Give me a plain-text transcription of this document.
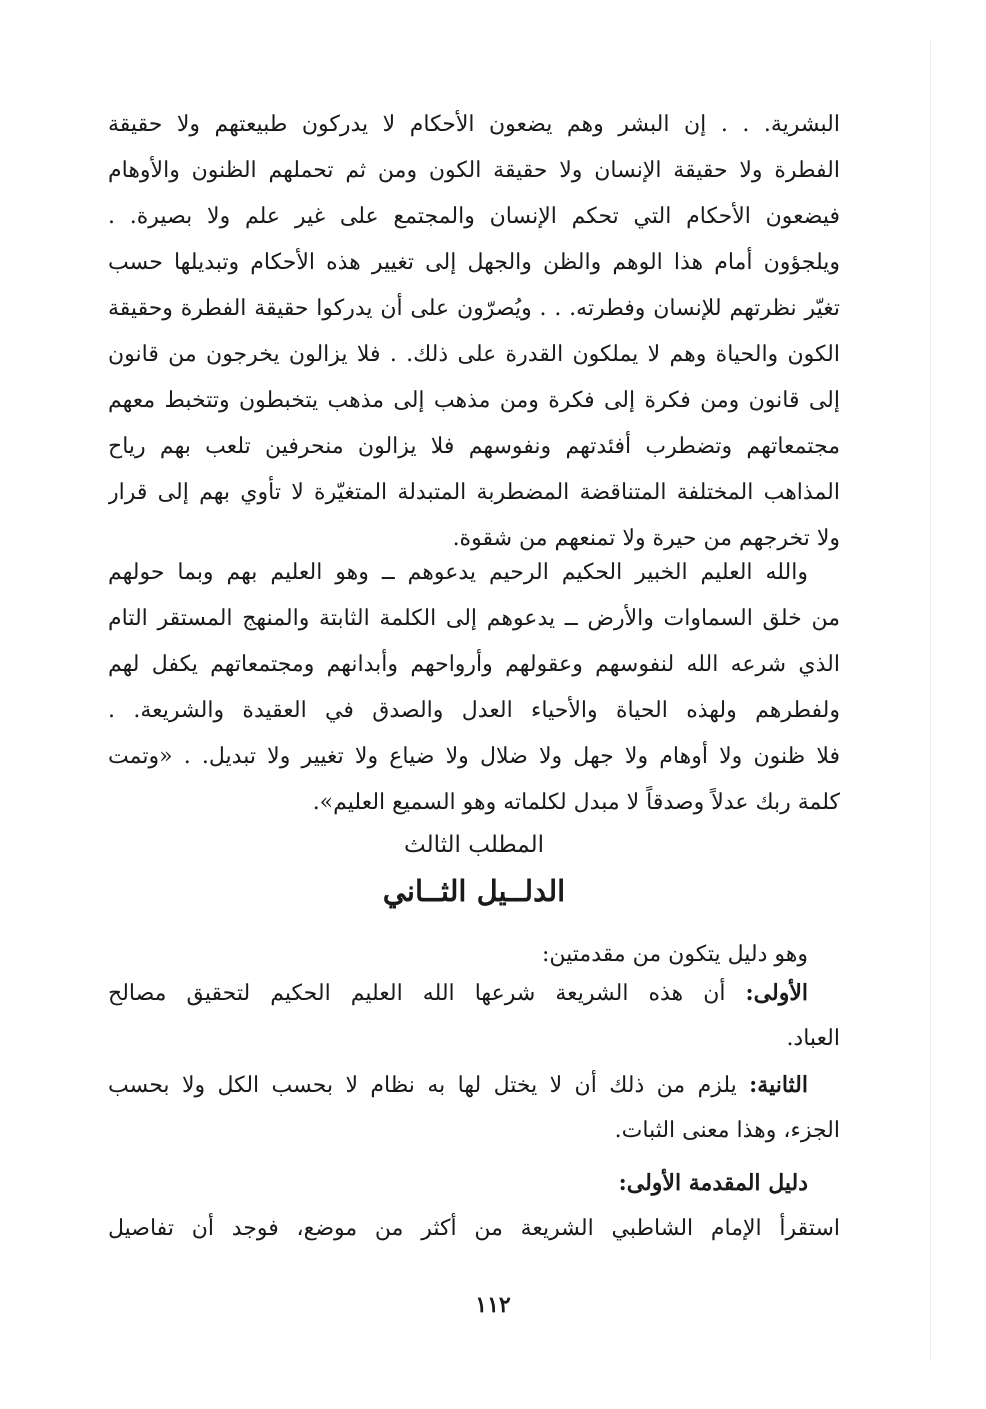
البشرية. . . إن البشر وهم يضعون الأحكام لا يدركون طبيعتهم ولا حقيقة
الفطرة ولا حقيقة الإنسان ولا حقيقة الكون ومن ثم تحملهم الظنون والأوهام
فيضعون الأحكام التي تحكم الإنسان والمجتمع على غير علم ولا بصيرة. .
ويلجؤون أمام هذا الوهم والظن والجهل إلى تغيير هذه الأحكام وتبديلها حسب
تغيّر نظرتهم للإنسان وفطرته. . . ويُصرّون على أن يدركوا حقيقة الفطرة وحقيقة
الكون والحياة وهم لا يملكون القدرة على ذلك. . فلا يزالون يخرجون من قانون
إلى قانون ومن فكرة إلى فكرة ومن مذهب إلى مذهب يتخبطون وتتخبط معهم
مجتمعاتهم وتضطرب أفئدتهم ونفوسهم فلا يزالون منحرفين تلعب بهم رياح
المذاهب المختلفة المتناقضة المضطربة المتبدلة المتغيّرة لا تأوي بهم إلى قرار
ولا تخرجهم من حيرة ولا تمنعهم من شقوة.
والله العليم الخبير الحكيم الرحيم يدعوهم ــ وهو العليم بهم وبما حولهم
من خلق السماوات والأرض ــ يدعوهم إلى الكلمة الثابتة والمنهج المستقر التام
الذي شرعه الله لنفوسهم وعقولهم وأرواحهم وأبدانهم ومجتمعاتهم يكفل لهم
ولفطرهم ولهذه الحياة والأحياء العدل والصدق في العقيدة والشريعة. .
فلا ظنون ولا أوهام ولا جهل ولا ضلال ولا ضياع ولا تغيير ولا تبديل. . «وتمت
كلمة ربك عدلاً وصدقاً لا مبدل لكلماته وهو السميع العليم».
المطلب الثالث
الدلــيل الثــاني
وهو دليل يتكون من مقدمتين:
الأولى: أن هذه الشريعة شرعها الله العليم الحكيم لتحقيق مصالح
العباد.
الثانية: يلزم من ذلك أن لا يختل لها به نظام لا بحسب الكل ولا بحسب
الجزء، وهذا معنى الثبات.
دليل المقدمة الأولى:
استقرأ الإمام الشاطبي الشريعة من أكثر من موضع، فوجد أن تفاصيل
١١٢
